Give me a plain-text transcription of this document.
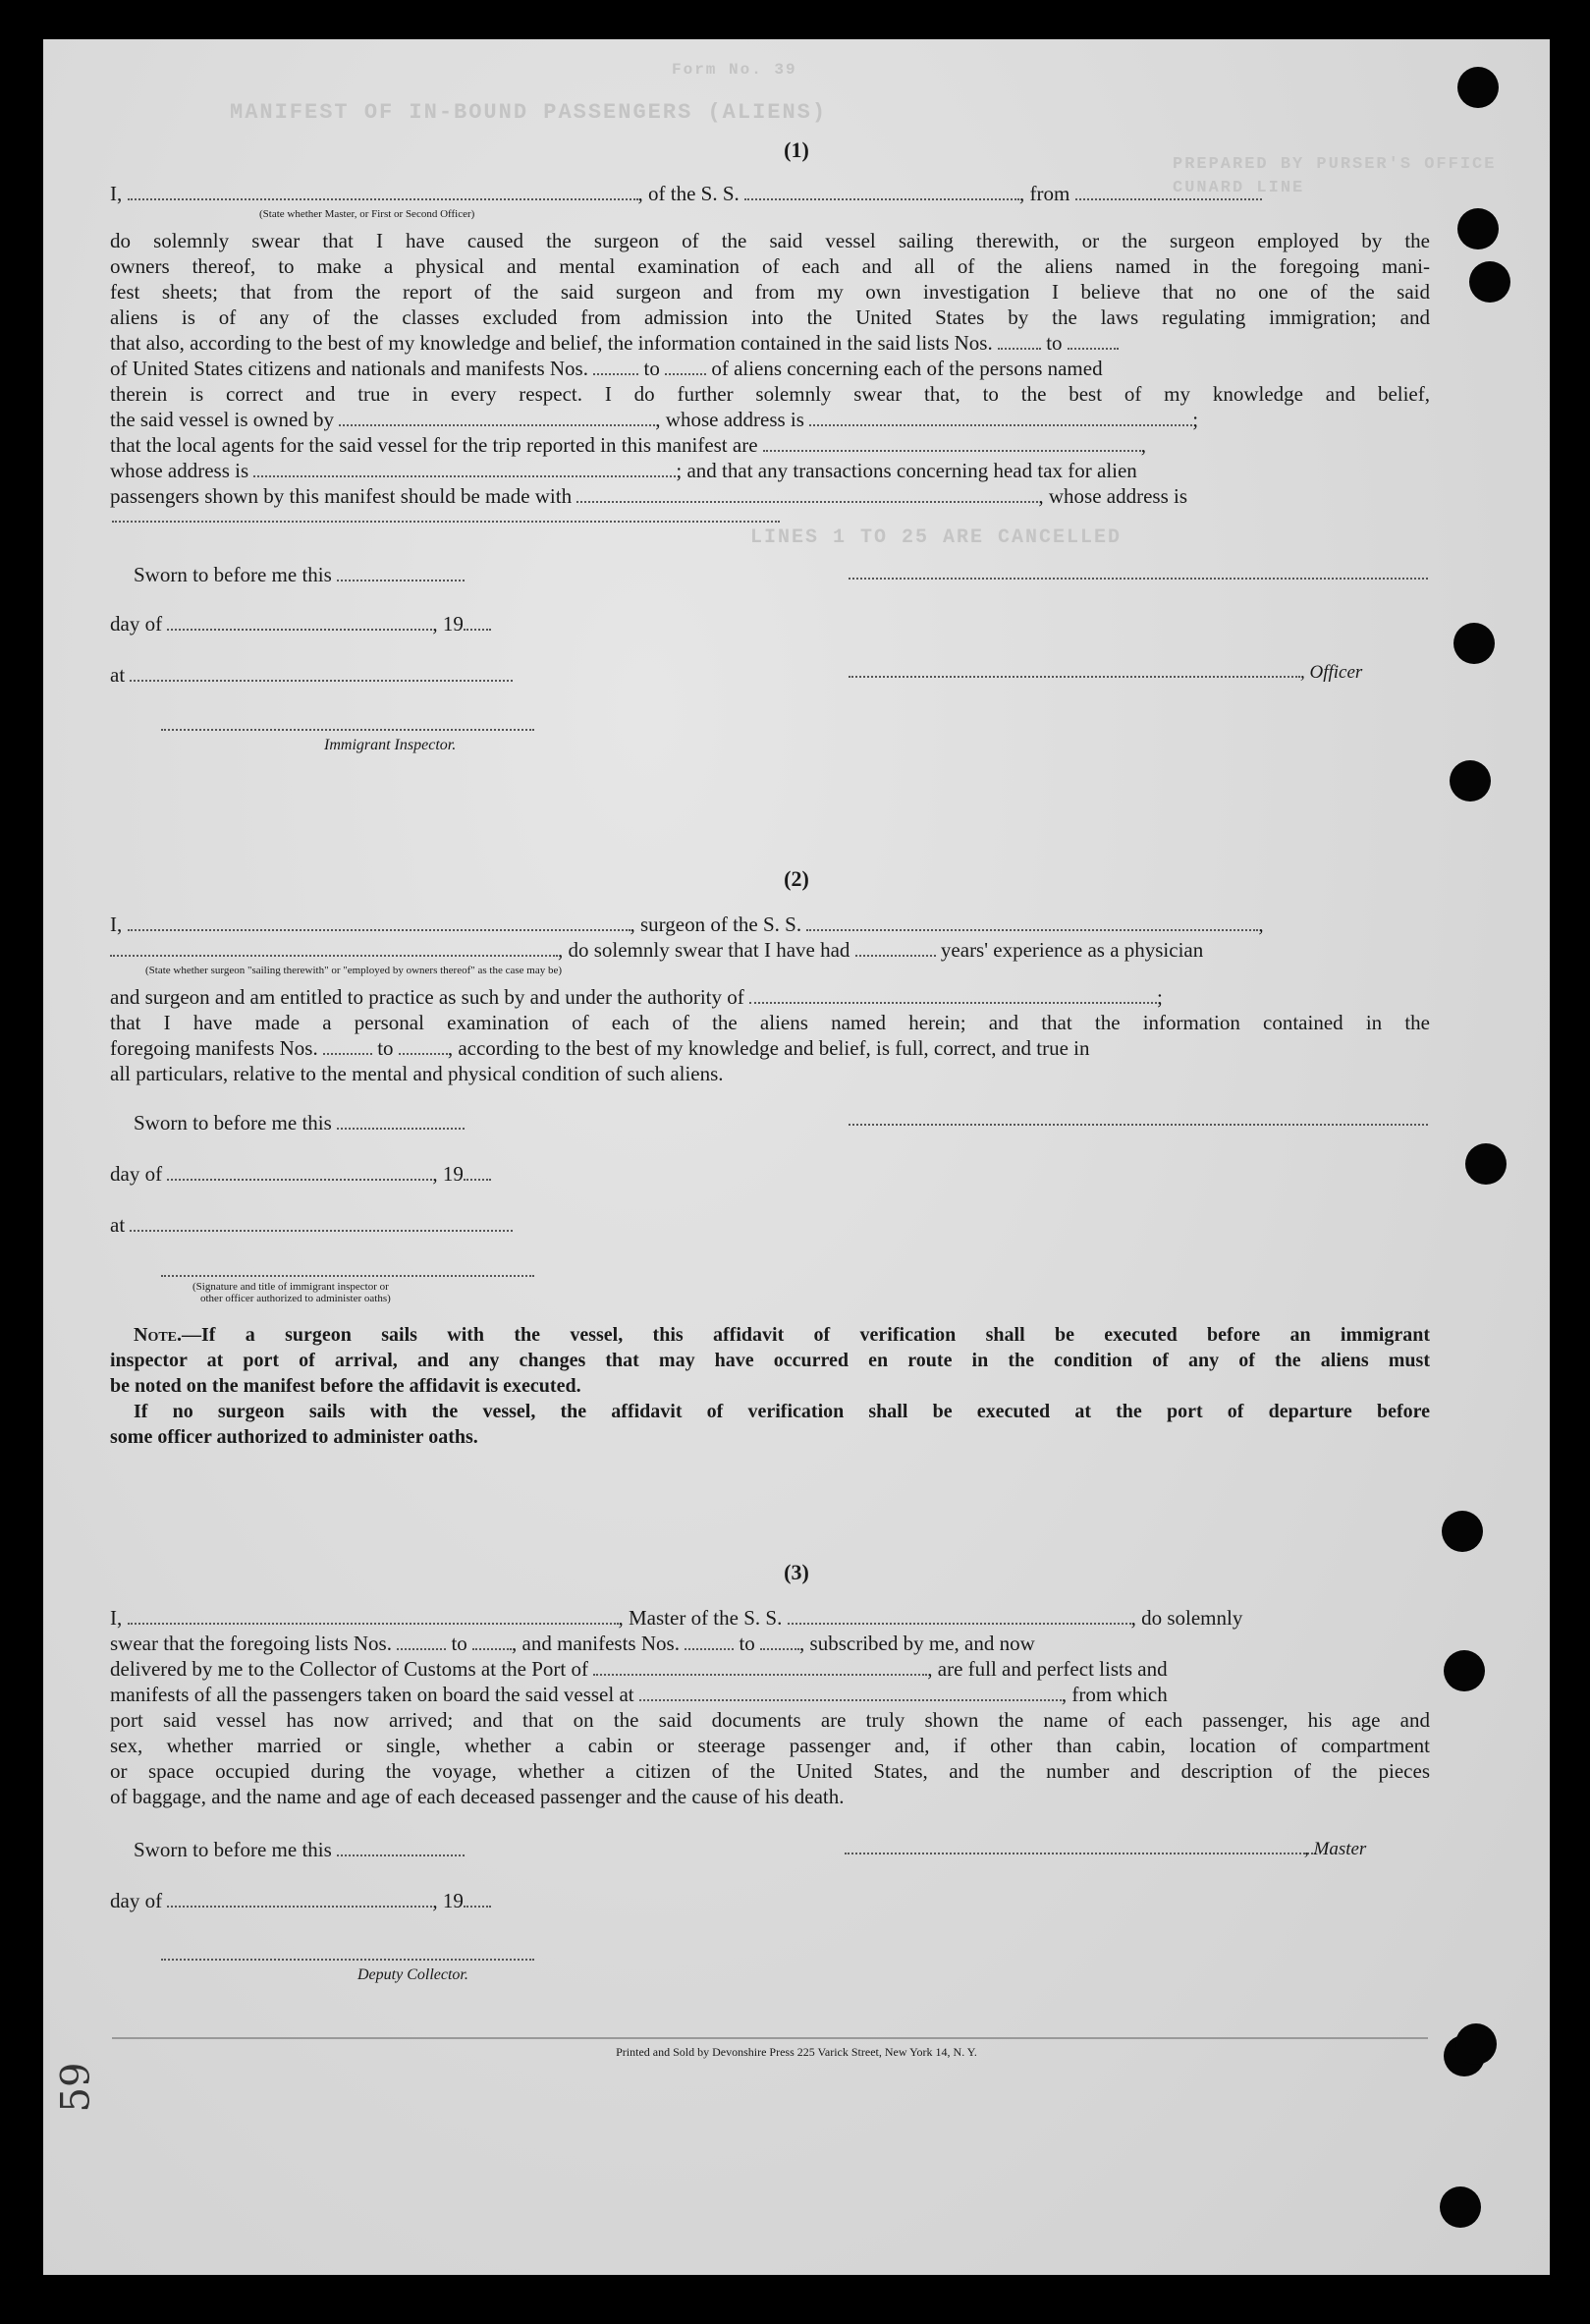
Form No. 39
MANIFEST OF IN-BOUND PASSENGERS (ALIENS)
PREPARED BY PURSER'S OFFICE
CUNARD LINE
LINES 1 TO 25 ARE CANCELLED
(1)
I,	, of the S. S.	, from
(State whether Master, or First or Second Officer)
do solemnly swear that I have caused the surgeon of the said vessel sailing therewith, or the surgeon employed by the
owners thereof, to make a physical and mental examination of each and all of the aliens named in the foregoing mani-
fest sheets; that from the report of the said surgeon and from my own investigation I believe that no one of the said
aliens is of any of the classes excluded from admission into the United States by the laws regulating immigration; and
that also, according to the best of my knowledge and belief, the information contained in the said lists Nos.	to
of United States citizens and nationals and manifests Nos.	to	of aliens concerning each of the persons named
therein is correct and true in every respect. I do further solemnly swear that, to the best of my knowledge and belief,
the said vessel is owned by	, whose address is	;
that the local agents for the said vessel for the trip reported in this manifest are	,
whose address is	; and that any transactions concerning head tax for alien
passengers shown by this manifest should be made with	, whose address is
Sworn to before me this
day of	, 19
at	, Officer
Immigrant Inspector.
(2)
I,	, surgeon of the S. S.	,
, do solemnly swear that I have had	years' experience as a physician
(State whether surgeon "sailing therewith" or "employed by owners thereof" as the case may be)
and surgeon and am entitled to practice as such by and under the authority of	;
that I have made a personal examination of each of the aliens named herein; and that the information contained in the
foregoing manifests Nos.	to	, according to the best of my knowledge and belief, is full, correct, and true in
all particulars, relative to the mental and physical condition of such aliens.
Sworn to before me this
day of	, 19
at
(Signature and title of immigrant inspector or
other officer authorized to administer oaths)
Note.—If a surgeon sails with the vessel, this affidavit of verification shall be executed before an immigrant
inspector at port of arrival, and any changes that may have occurred en route in the condition of any of the aliens must
be noted on the manifest before the affidavit is executed.
If no surgeon sails with the vessel, the affidavit of verification shall be executed at the port of departure before
some officer authorized to administer oaths.
(3)
I,	, Master of the S. S.	, do solemnly
swear that the foregoing lists Nos.	to , and manifests Nos.	to , subscribed by me, and now
delivered by me to the Collector of Customs at the Port of	, are full and perfect lists and
manifests of all the passengers taken on board the said vessel at	, from which
port said vessel has now arrived; and that on the said documents are truly shown the name of each passenger, his age and
sex, whether married or single, whether a cabin or steerage passenger and, if other than cabin, location of compartment
or space occupied during the voyage, whether a citizen of the United States, and the number and description of the pieces
of baggage, and the name and age of each deceased passenger and the cause of his death.
Sworn to before me this	, Master
day of	, 19
Deputy Collector.
Printed and Sold by Devonshire Press 225 Varick Street, New York 14, N. Y.
59
